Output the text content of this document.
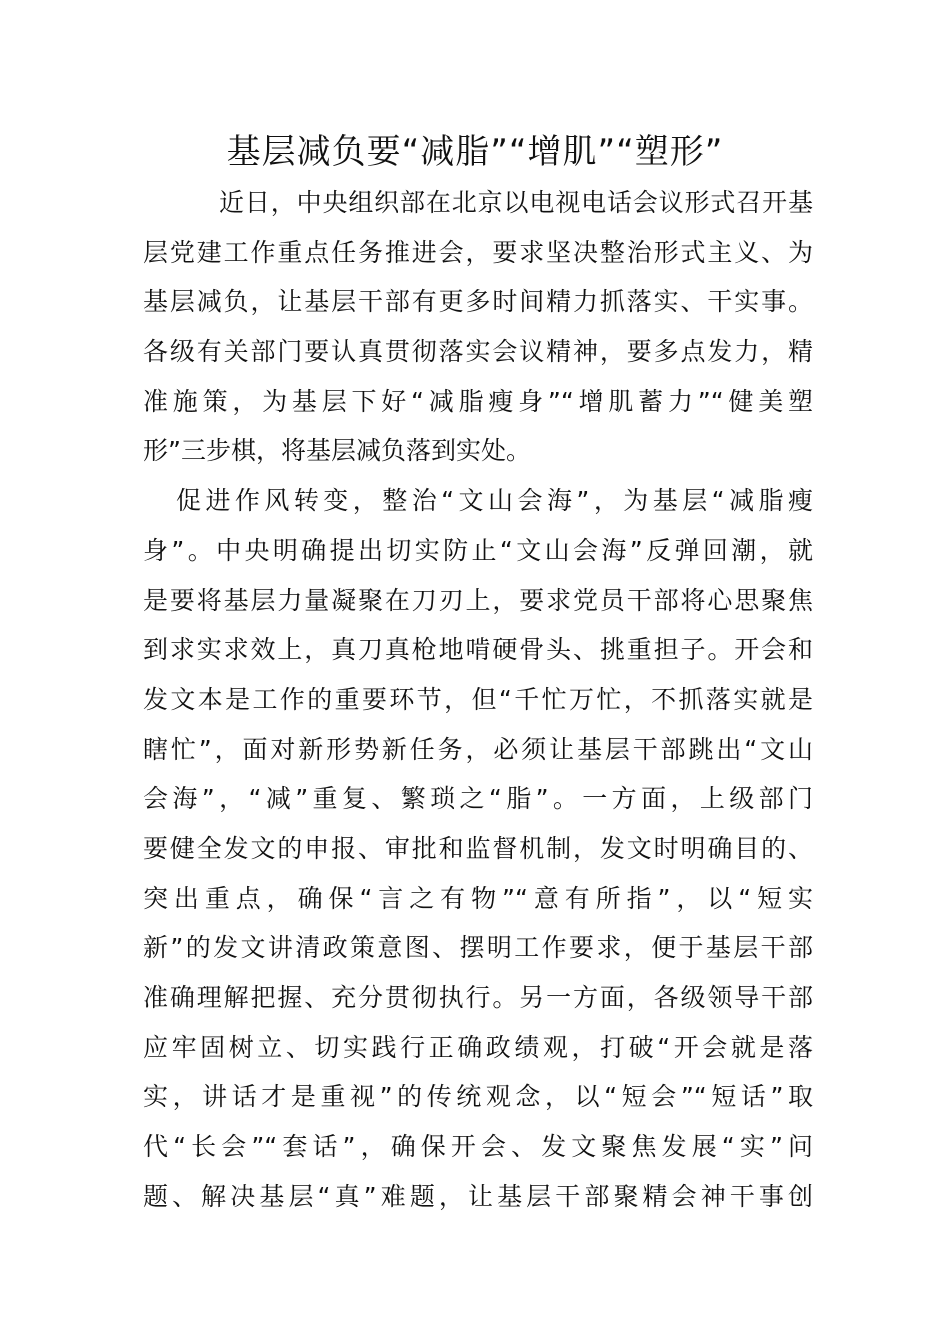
基层减负要“减脂”“增肌”“塑形”
近日，中央组织部在北京以电视电话会议形式召开基
层党建工作重点任务推进会，要求坚决整治形式主义、为
基层减负，让基层干部有更多时间精力抓落实、干实事。
各级有关部门要认真贯彻落实会议精神，要多点发力，精
准施策，为基层下好“减脂瘦身”“增肌蓄力”“健美塑
形”三步棋，将基层减负落到实处。
促进作风转变，整治“文山会海”，为基层“减脂瘦
身”。中央明确提出切实防止“文山会海”反弹回潮，就
是要将基层力量凝聚在刀刃上，要求党员干部将心思聚焦
到求实求效上，真刀真枪地啃硬骨头、挑重担子。开会和
发文本是工作的重要环节，但“千忙万忙，不抓落实就是
瞎忙”，面对新形势新任务，必须让基层干部跳出“文山
会海”，“减”重复、繁琐之“脂”。一方面，上级部门
要健全发文的申报、审批和监督机制，发文时明确目的、
突出重点，确保“言之有物”“意有所指”，以“短实
新”的发文讲清政策意图、摆明工作要求，便于基层干部
准确理解把握、充分贯彻执行。另一方面，各级领导干部
应牢固树立、切实践行正确政绩观，打破“开会就是落
实，讲话才是重视”的传统观念，以“短会”“短话”取
代“长会”“套话”，确保开会、发文聚焦发展“实”问
题、解决基层“真”难题，让基层干部聚精会神干事创
